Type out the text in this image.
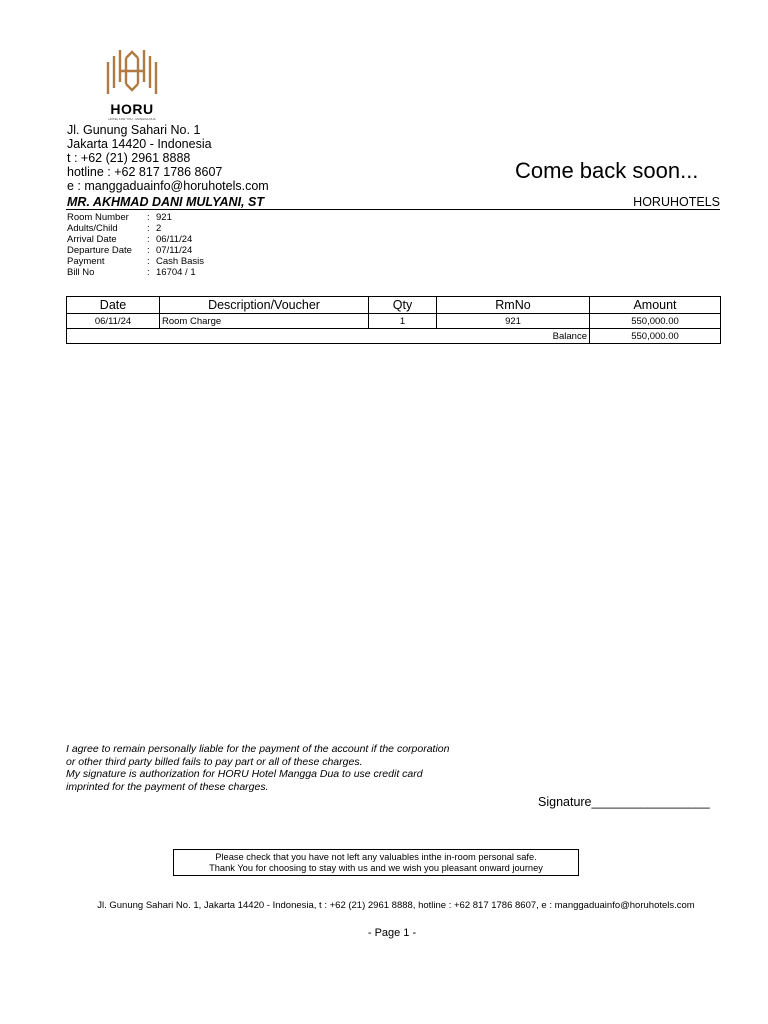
HORU
HOTEL FOR YOU - MANGGA DUA
Jl. Gunung Sahari No. 1
Jakarta 14420 - Indonesia
t : +62 (21) 2961 8888
hotline : +62 817 1786 8607
e : manggaduainfo@horuhotels.com
Come back soon...
MR. AKHMAD DANI MULYANI, ST	HORUHOTELS
Room Number	: 921
Adults/Child	: 2
Arrival Date	: 06/11/24
Departure Date	: 07/11/24
Payment	: Cash Basis
Bill No	: 16704 / 1
Date	Description/Voucher	Qty	RmNo	Amount
06/11/24	Room Charge	1	921	550,000.00
Balance				550,000.00
I agree to remain personally liable for the payment of the account if the corporation
or other third party billed fails to pay part or all of these charges.
My signature is authorization for HORU Hotel Mangga Dua to use credit card
imprinted for the payment of these charges.
Signature_________________
Please check that you have not left any valuables inthe in-room personal safe.
Thank You for choosing to stay with us and we wish you pleasant onward journey
Jl. Gunung Sahari No. 1, Jakarta 14420 - Indonesia, t : +62 (21) 2961 8888, hotline : +62 817 1786 8607, e : manggaduainfo@horuhotels.com
- Page 1 -
